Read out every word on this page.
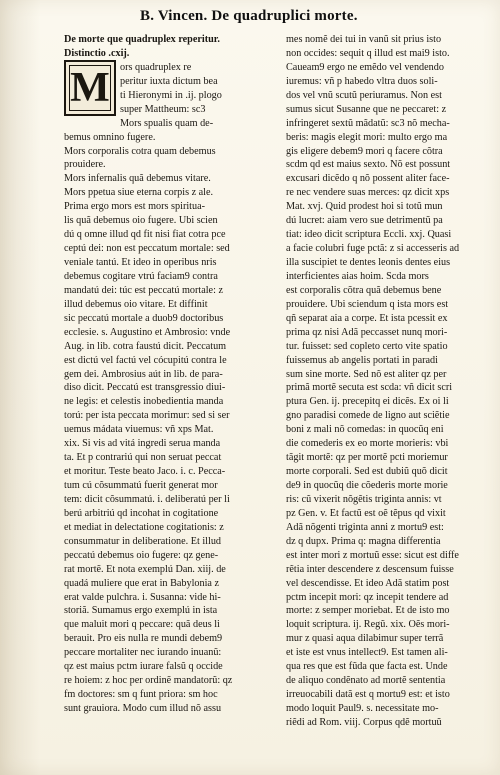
B. Vincen. De quadruplici morte.
M
De morte que quadruplex reperitur.
Distinctio .cxij.
ors quadruplex re
peritur iuxta dictum bea
ti Hieronymi in .ij. plogo
super Mattheum: sc3
Mors spualis quam de-
bemus omnino fugere.
Mors corporalis cotra quam debemus
prouidere.
Mors infernalis quã debemus vitare.
Mors ppetua siue eterna corpis z ale.
Prima ergo mors est mors spiritua-
lis quã debemus oio fugere. Ubi scien
dú q omne illud qd fit nisi fiat cotra pce
ceptú dei: non est peccatum mortale: sed
veniale tantú. Et ideo in operibus nris
debemus cogitare vtrú faciam9 contra
mandatú dei: túc est peccatú mortale: z
illud debemus oio vitare. Et diffinit
sic peccatú mortale a duob9 doctoribus
ecclesie. s. Augustino et Ambrosio: vnde
Aug. in lib. cotra faustú dicit. Peccatum
est dictú vel factú vel cócupitú contra le
gem dei. Ambrosius aút in lib. de para-
diso dicit. Peccatú est transgressio diui-
ne legis: et celestis inobedientia manda
torú: per ista peccata morimur: sed si ser
uemus mádata viuemus: vñ xps Mat.
xix. Si vis ad vitá ingredi serua manda
ta. Et p contrariú qui non seruat peccat
et moritur. Teste beato Jaco. i. c. Pecca-
tum cú cõsummatú fuerit generat mor
tem: dicit cõsummatú. i. deliberatú per li
berú arbitriú qd incohat in cogitatione
et mediat in delectatione cogitationis: z
consummatur in deliberatione. Et illud
peccatú debemus oio fugere: qz gene-
rat mortẽ. Et nota exemplú Dan. xiij. de
quadá muliere que erat in Babylonia z
erat valde pulchra. i. Susanna: vide hi-
storiã. Sumamus ergo exemplú in ista
que maluit mori q peccare: quã deus li
berauit. Pro eis nulla re mundi debem9
peccare mortaliter nec iurando inuanũ:
qz est maius pctm iurare falsũ q occide
re hoiem: z hoc per ordinẽ mandatorũ: qz
fm doctores: sm q funt priora: sm hoc
sunt grauiora. Modo cum illud nõ assu
mes nomẽ dei tui in vanũ sit prius isto
non occides: sequit q illud est mai9 isto.
Caueam9 ergo ne emẽdo vel vendendo
iuremus: vñ p habedo vltra duos soli-
dos vel vnũ scutũ periuramus. Non est
sumus sicut Susanne que ne peccaret: z
infringeret sextũ mãdatũ: sc3 nõ mecha-
beris: magis elegit mori: multo ergo ma
gis eligere debem9 mori q facere cõtra
scdm qd est maius sexto. Nõ est possunt
excusari dicẽdo q nõ possent aliter face-
re nec vendere suas merces: qz dicit xps
Mat. xvj. Quid prodest hoi si totũ mun
dú lucret: aiam vero sue detrimentũ pa
tiat: ideo dicit scriptura Eccli. xxj. Quasi
a facie colubri fuge pctã: z si accesseris ad
illa suscipiet te dentes leonis dentes eius
interficientes aias hoim. Scda mors
est corporalis cõtra quã debemus bene
prouidere. Ubi sciendum q ista mors est
qñ separat aia a corpe. Et ista pcessit ex
prima qz nisi Adã peccasset nunq mori-
tur. fuisset: sed copleto certo vite spatio
fuissemus ab angelis portati in paradi
sum sine morte. Sed nõ est aliter qz per
primã mortẽ secuta est scda: vñ dicit scri
ptura Gen. ij. precepitq ei dicẽs. Ex oi li
gno paradisi comede de ligno aut sciẽtie
boni z mali nõ comedas: in quocũq eni
die comederis ex eo morte morieris: vbi
tãgit mortẽ: qz per mortẽ pcti moriemur
morte corporali. Sed est dubiũ quõ dicit
de9 in quocũq die cõederis morte morie
ris: cũ vixerit nõgẽtis triginta annis: vt
pz Gen. v. Et factũ est oẽ tẽpus qd vixit
Adã nõgenti triginta anni z mortu9 est:
dz q dupx. Prima q: magna differentia
est inter mori z mortuũ esse: sicut est diffe
rẽtia inter descendere z descensum fuisse
vel descendisse. Et ideo Adã statim post
pctm incepit mori: qz incepit tendere ad
morte: z semper moriebat. Et de isto mo
loquit scriptura. ij. Regũ. xix. Oẽs mori-
mur z quasi aqua dilabimur super terrã
et iste est vnus intellect9. Est tamen ali-
qua res que est fũda que facta est. Unde
de aliquo condẽnato ad mortẽ sententia
irreuocabili datã est q mortu9 est: et isto
modo loquit Paul9. s. necessitate mo-
riẽdi ad Rom. viij. Corpus qdẽ mortuũ
